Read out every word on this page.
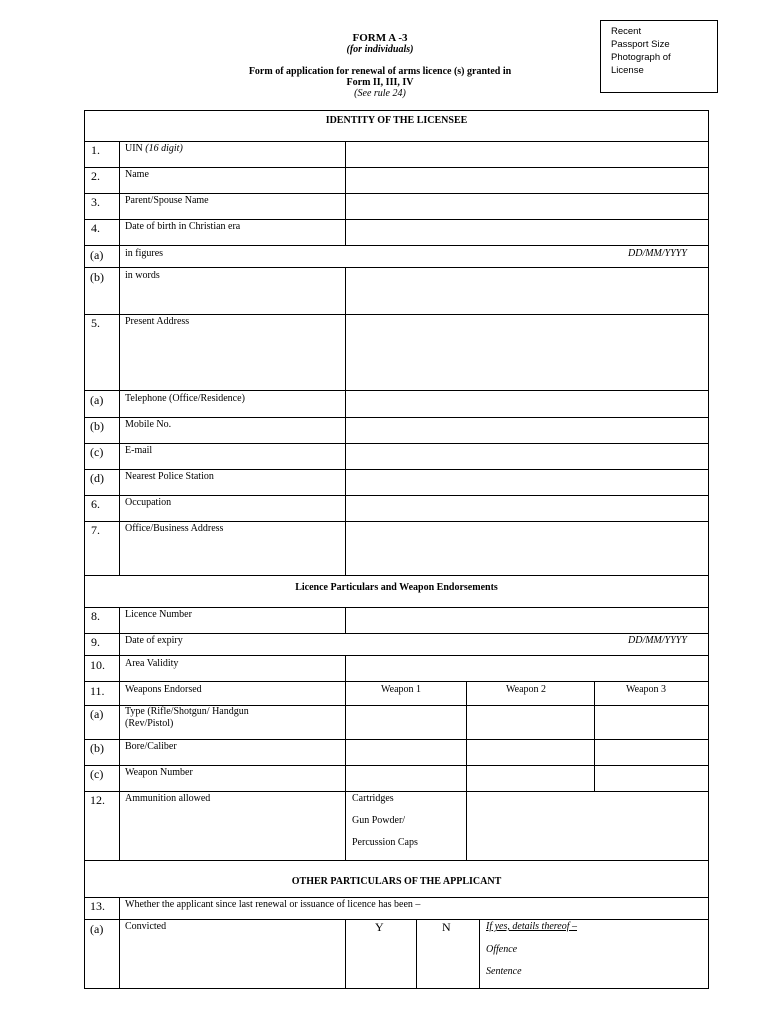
Recent
Passport Size
Photograph of
License
FORM A -3
(for individuals)
Form of application for renewal of arms licence (s) granted in
Form II, III, IV
(See rule 24)
IDENTITY OF THE LICENSEE
Licence Particulars and Weapon Endorsements
OTHER PARTICULARS OF THE APPLICANT
1.	UIN (16 digit)
2.	Name
3.	Parent/Spouse Name
4.	Date of birth in Christian era
(a) in figures	DD/MM/YYYY
(b) in words
5.	Present Address
(a) Telephone (Office/Residence)
(b) Mobile No.
(c) E-mail
(d) Nearest Police Station
6.	Occupation
7.	Office/Business Address
8.	Licence Number
9.	Date of expiry	DD/MM/YYYY
10. Area Validity
11. Weapons Endorsed	Weapon 1	Weapon 2	Weapon 3
(a) Type (Rifle/Shotgun/ Handgun
(Rev/Pistol)
(b) Bore/Caliber
(c) Weapon Number
12. Ammunition allowed	Cartridges
Gun Powder/
Percussion Caps
13. Whether the applicant since last renewal or issuance of licence has been –
(a) Convicted	Y	N	If yes, details thereof –
Offence
Sentence
